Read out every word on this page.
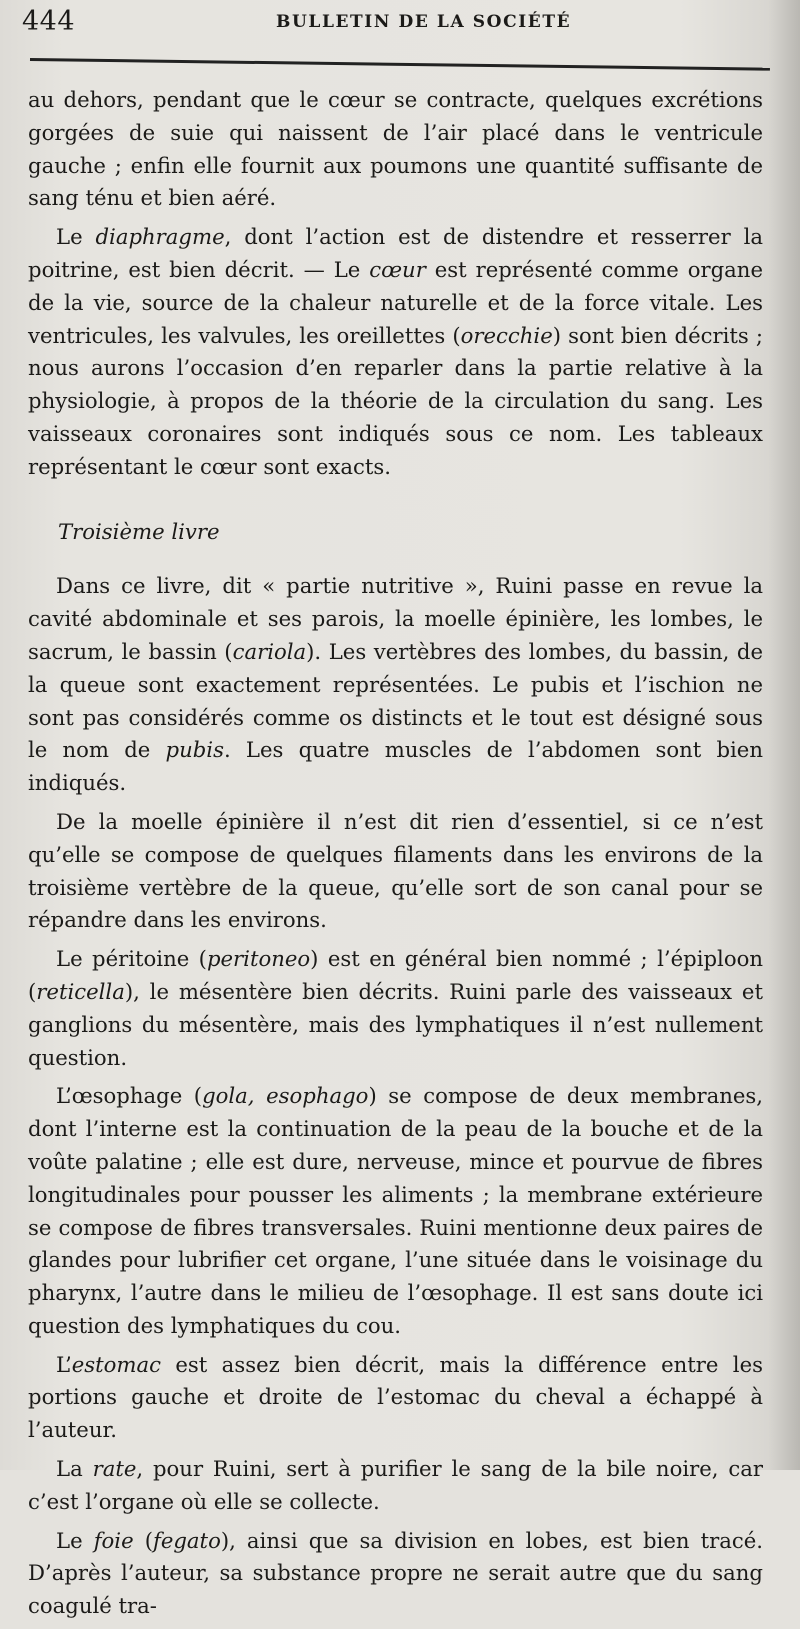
444	BULLETIN DE LA SOCIÉTÉ

au dehors, pendant que le cœur se contracte, quelques excrétions gorgées de suie qui naissent de l’air placé dans le ventricule gauche ; enfin elle fournit aux poumons une quantité suffisante de sang ténu et bien aéré.

Le diaphragme, dont l’action est de distendre et resserrer la poitrine, est bien décrit. — Le cœur est représenté comme organe de la vie, source de la chaleur naturelle et de la force vitale. Les ventricules, les valvules, les oreillettes (orecchie) sont bien décrits ; nous aurons l’occasion d’en reparler dans la partie relative à la physiologie, à propos de la théorie de la circulation du sang. Les vaisseaux coronaires sont indiqués sous ce nom. Les tableaux représentant le cœur sont exacts.

Troisième livre

Dans ce livre, dit « partie nutritive », Ruini passe en revue la cavité abdominale et ses parois, la moelle épinière, les lombes, le sacrum, le bassin (cariola). Les vertèbres des lombes, du bassin, de la queue sont exactement représentées. Le pubis et l’ischion ne sont pas considérés comme os distincts et le tout est désigné sous le nom de pubis. Les quatre muscles de l’abdomen sont bien indiqués.

De la moelle épinière il n’est dit rien d’essentiel, si ce n’est qu’elle se compose de quelques filaments dans les environs de la troisième vertèbre de la queue, qu’elle sort de son canal pour se répandre dans les environs.

Le péritoine (peritoneo) est en général bien nommé ; l’épiploon (reticella), le mésentère bien décrits. Ruini parle des vaisseaux et ganglions du mésentère, mais des lymphatiques il n’est nullement question.

L’œsophage (gola, esophago) se compose de deux membranes, dont l’interne est la continuation de la peau de la bouche et de la voûte palatine ; elle est dure, nerveuse, mince et pourvue de fibres longitudinales pour pousser les aliments ; la membrane extérieure se compose de fibres transversales. Ruini mentionne deux paires de glandes pour lubrifier cet organe, l’une située dans le voisinage du pharynx, l’autre dans le milieu de l’œsophage. Il est sans doute ici question des lymphatiques du cou.

L’estomac est assez bien décrit, mais la différence entre les portions gauche et droite de l’estomac du cheval a échappé à l’auteur.

La rate, pour Ruini, sert à purifier le sang de la bile noire, car c’est l’organe où elle se collecte.

Le foie (fegato), ainsi que sa division en lobes, est bien tracé. D’après l’auteur, sa substance propre ne serait autre que du sang coagulé tra-
